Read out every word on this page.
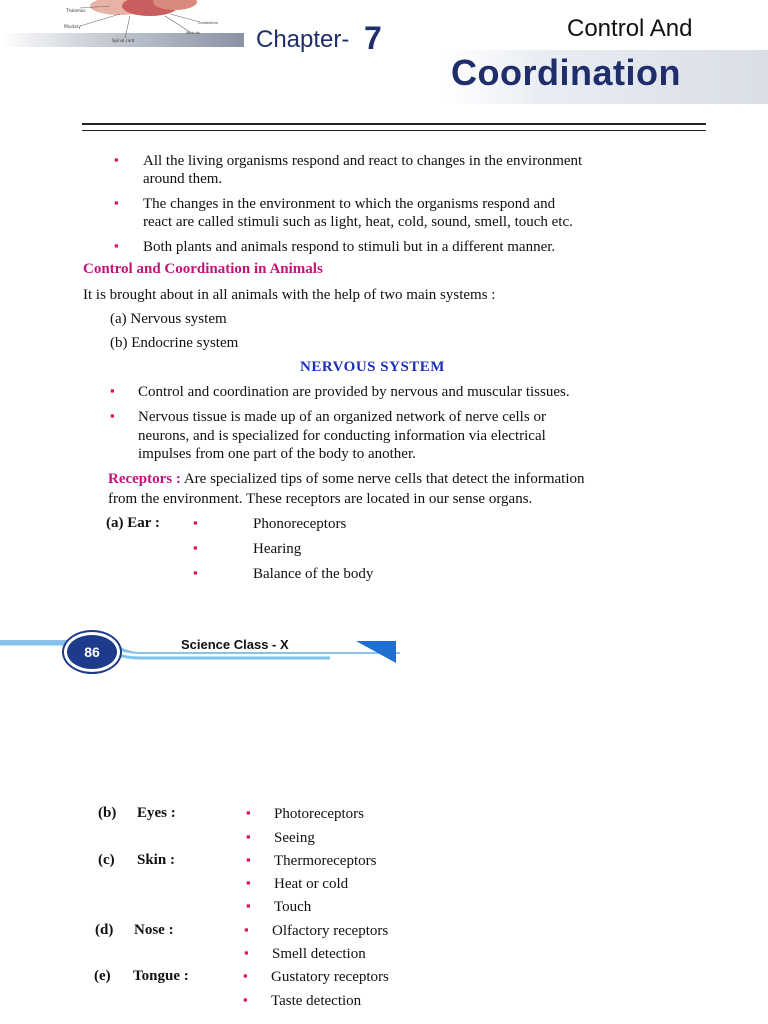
Thalamus
Pituitary
Cerebellum
Spinal cord
Medulla Chapter- 7	Control And
Coordination
▪ All the living organisms respond and react to changes in the environment
around them.
▪ The changes in the environment to which the organisms respond and
react are called stimuli such as light, heat, cold, sound, smell, touch etc.
▪ Both plants and animals respond to stimuli but in a different manner.
Control and Coordination in Animals
It is brought about in all animals with the help of two main systems :
(a) Nervous system
(b) Endocrine system
NERVOUS SYSTEM
▪ Control and coordination are provided by nervous and muscular tissues.
▪ Nervous tissue is made up of an organized network of nerve cells or
neurons, and is specialized for conducting information via electrical
impulses from one part of the body to another.
Receptors : Are specialized tips of some nerve cells that detect the information
from the environment. These receptors are located in our sense organs.
(a) Ear :	▪	Phonoreceptors
▪	Hearing
▪	Balance of the body
86	Science Class - X
(b) Eyes :	▪ Photoreceptors
▪ Seeing
(c) Skin :	▪ Thermoreceptors
▪ Heat or cold
▪ Touch
(d) Nose :	▪ Olfactory receptors
▪ Smell detection
(e) Tongue :	▪ Gustatory receptors
▪ Taste detection
